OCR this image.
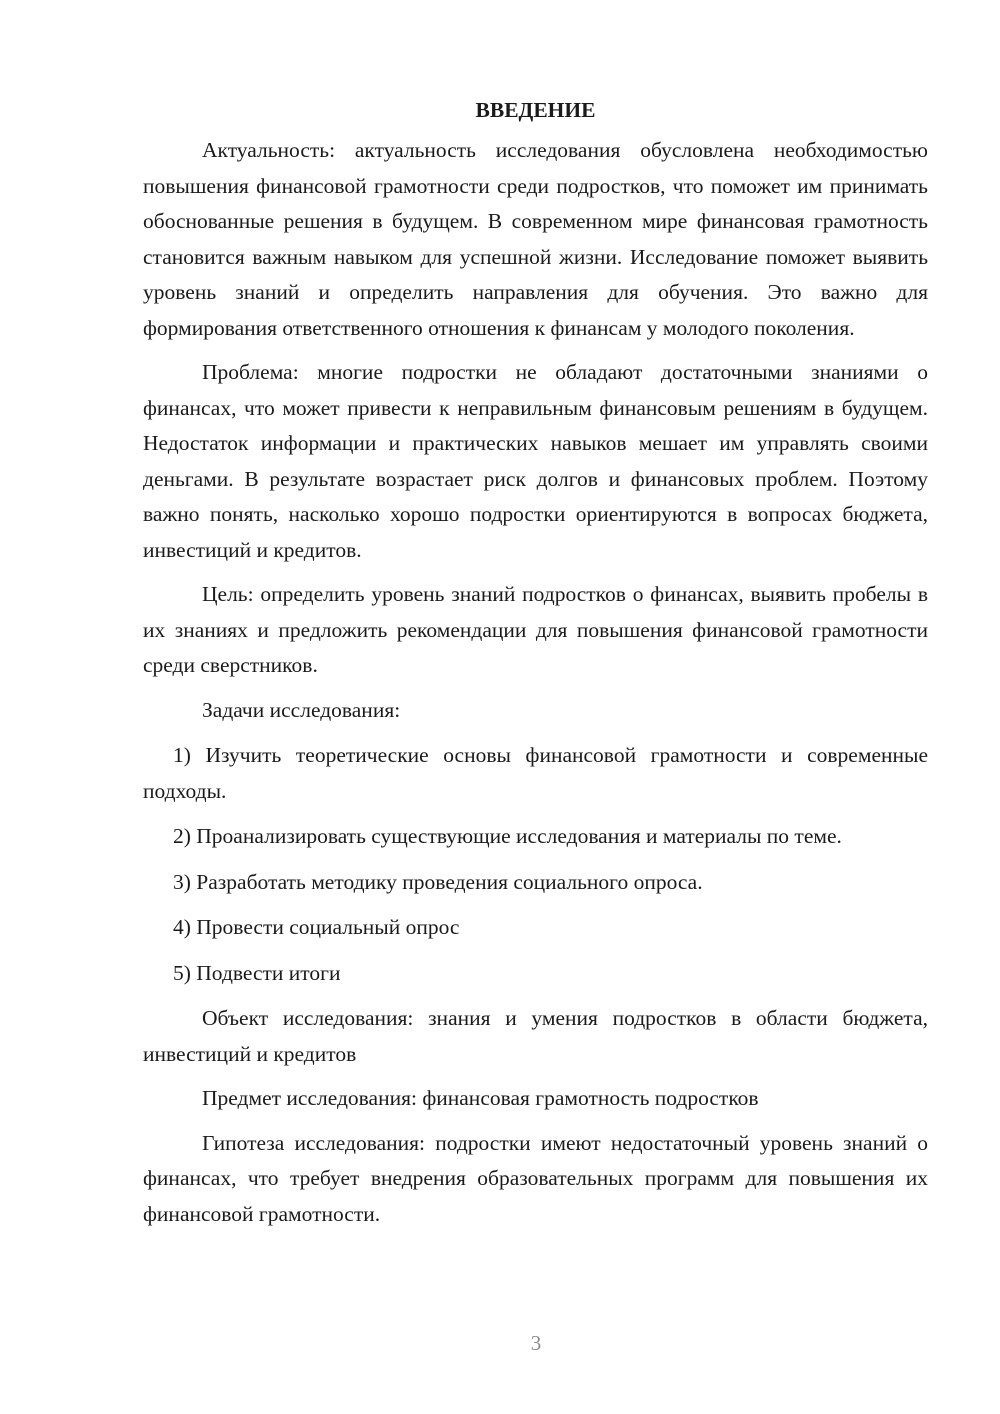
ВВЕДЕНИЕ

Актуальность: актуальность исследования обусловлена необходимостью повышения финансовой грамотности среди подростков, что поможет им принимать обоснованные решения в будущем. В современном мире финансовая грамотность становится важным навыком для успешной жизни. Исследование поможет выявить уровень знаний и определить направления для обучения. Это важно для формирования ответственного отношения к финансам у молодого поколения.

Проблема: многие подростки не обладают достаточными знаниями о финансах, что может привести к неправильным финансовым решениям в будущем. Недостаток информации и практических навыков мешает им управлять своими деньгами. В результате возрастает риск долгов и финансовых проблем. Поэтому важно понять, насколько хорошо подростки ориентируются в вопросах бюджета, инвестиций и кредитов.

Цель: определить уровень знаний подростков о финансах, выявить пробелы в их знаниях и предложить рекомендации для повышения финансовой грамотности среди сверстников.

Задачи исследования:

1) Изучить теоретические основы финансовой грамотности и современные подходы.

2) Проанализировать существующие исследования и материалы по теме.

3) Разработать методику проведения социального опроса.

4) Провести социальный опрос

5) Подвести итоги

Объект исследования: знания и умения подростков в области бюджета, инвестиций и кредитов

Предмет исследования: финансовая грамотность подростков

Гипотеза исследования: подростки имеют недостаточный уровень знаний о финансах, что требует внедрения образовательных программ для повышения их финансовой грамотности.

3
